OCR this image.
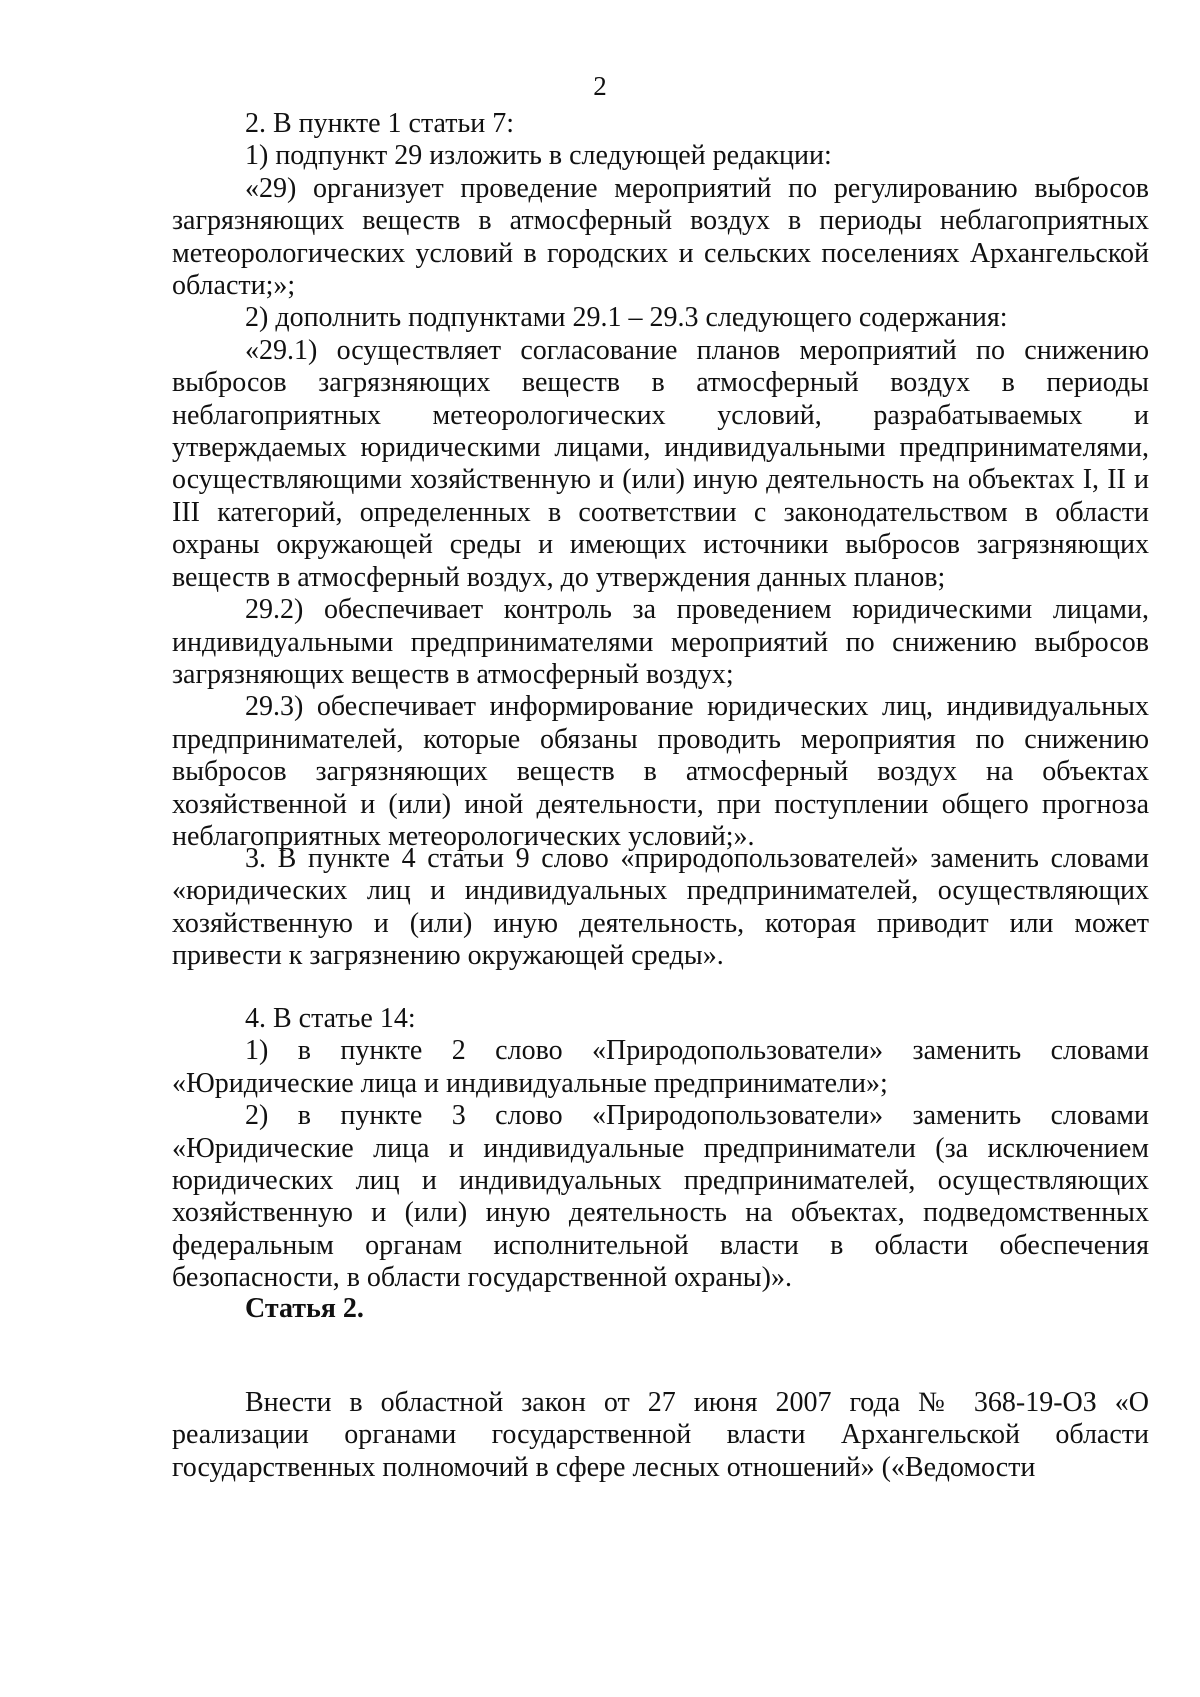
2

2. В пункте 1 статьи 7:

1) подпункт 29 изложить в следующей редакции:

«29) организует проведение мероприятий по регулированию выбросов загрязняющих веществ в атмосферный воздух в периоды неблагоприятных метеорологических условий в городских и сельских поселениях Архангельской области;»;

2) дополнить подпунктами 29.1 – 29.3 следующего содержания:

«29.1) осуществляет согласование планов мероприятий по снижению выбросов загрязняющих веществ в атмосферный воздух в периоды неблагоприятных метеорологических условий, разрабатываемых и утверждаемых юридическими лицами, индивидуальными предпринимателями, осуществляющими хозяйственную и (или) иную деятельность на объектах I, II и III категорий, определенных в соответствии с законодательством в области охраны окружающей среды и имеющих источники выбросов загрязняющих веществ в атмосферный воздух, до утверждения данных планов;

29.2) обеспечивает контроль за проведением юридическими лицами, индивидуальными предпринимателями мероприятий по снижению выбросов загрязняющих веществ в атмосферный воздух;

29.3) обеспечивает информирование юридических лиц, индивидуальных предпринимателей, которые обязаны проводить мероприятия по снижению выбросов загрязняющих веществ в атмосферный воздух на объектах хозяйственной и (или) иной деятельности, при поступлении общего прогноза неблагоприятных метеорологических условий;».

3. В пункте 4 статьи 9 слово «природопользователей» заменить словами «юридических лиц и индивидуальных предпринимателей, осуществляющих хозяйственную и (или) иную деятельность, которая приводит или может привести к загрязнению окружающей среды».

4. В статье 14:

1) в пункте 2 слово «Природопользователи» заменить словами «Юридические лица и индивидуальные предприниматели»;

2) в пункте 3 слово «Природопользователи» заменить словами «Юридические лица и индивидуальные предприниматели (за исключением юридических лиц и индивидуальных предпринимателей, осуществляющих хозяйственную и (или) иную деятельность на объектах, подведомственных федеральным органам исполнительной власти в области обеспечения безопасности, в области государственной охраны)».

Статья 2.

Внести в областной закон от 27 июня 2007 года № 368-19-ОЗ «О реализации органами государственной власти Архангельской области государственных полномочий в сфере лесных отношений» («Ведомости
